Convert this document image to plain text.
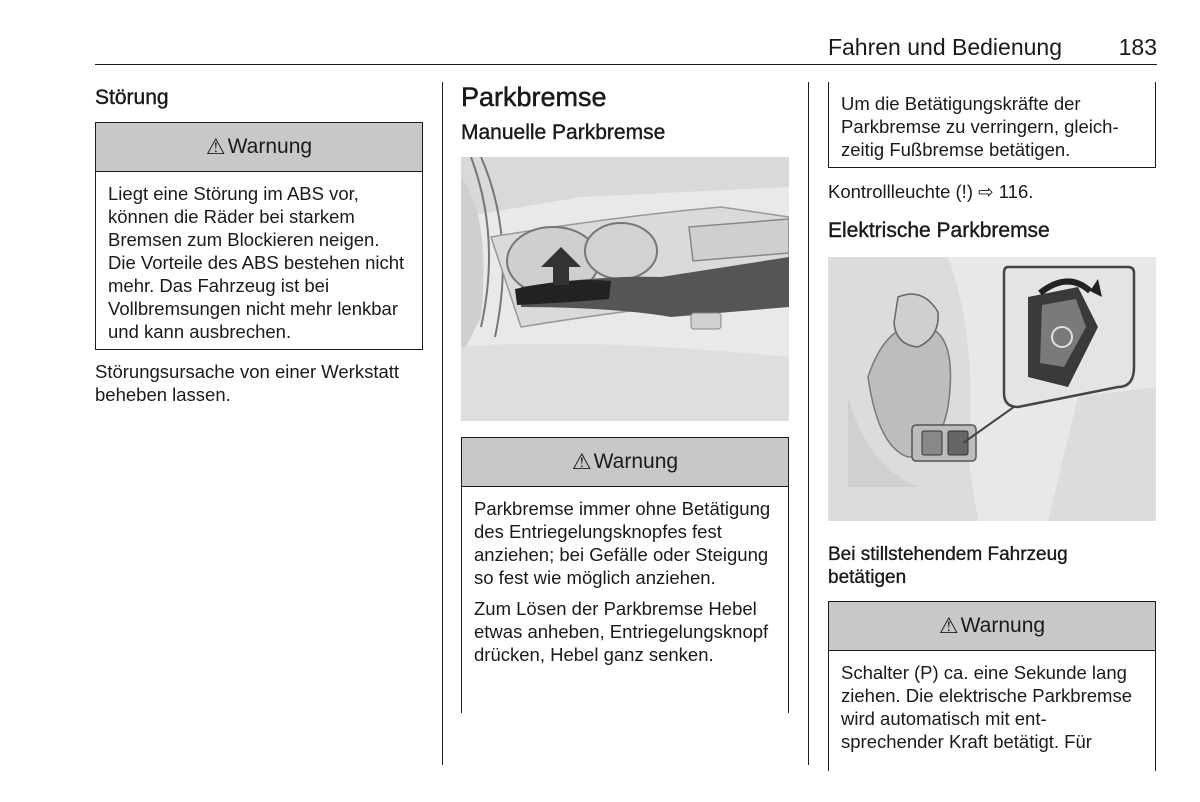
Fahren und Bedienung 183
Störung
⚠ Warnung

Liegt eine Störung im ABS vor, können die Räder bei starkem Bremsen zum Blockieren neigen. Die Vorteile des ABS bestehen nicht mehr. Das Fahrzeug ist bei Vollbremsungen nicht mehr lenkbar und kann ausbrechen.

Störungsursache von einer Werkstatt beheben lassen.

Parkbremse
Manuelle Parkbremse
⚠ Warnung

Parkbremse immer ohne Betätigung des Entriegelungsknopfes fest anziehen; bei Gefälle oder Steigung so fest wie möglich anziehen.

Zum Lösen der Parkbremse Hebel etwas anheben, Entriegelungsknopf drücken, Hebel ganz senken.

Um die Betätigungskräfte der Parkbremse zu verringern, gleichzeitig Fußbremse betätigen.

Kontrollleuchte (!) ⇨ 116.

Elektrische Parkbremse
Bei stillstehendem Fahrzeug betätigen
⚠ Warnung

Schalter (P) ca. eine Sekunde lang ziehen. Die elektrische Parkbremse wird automatisch mit entsprechender Kraft betätigt. Für
